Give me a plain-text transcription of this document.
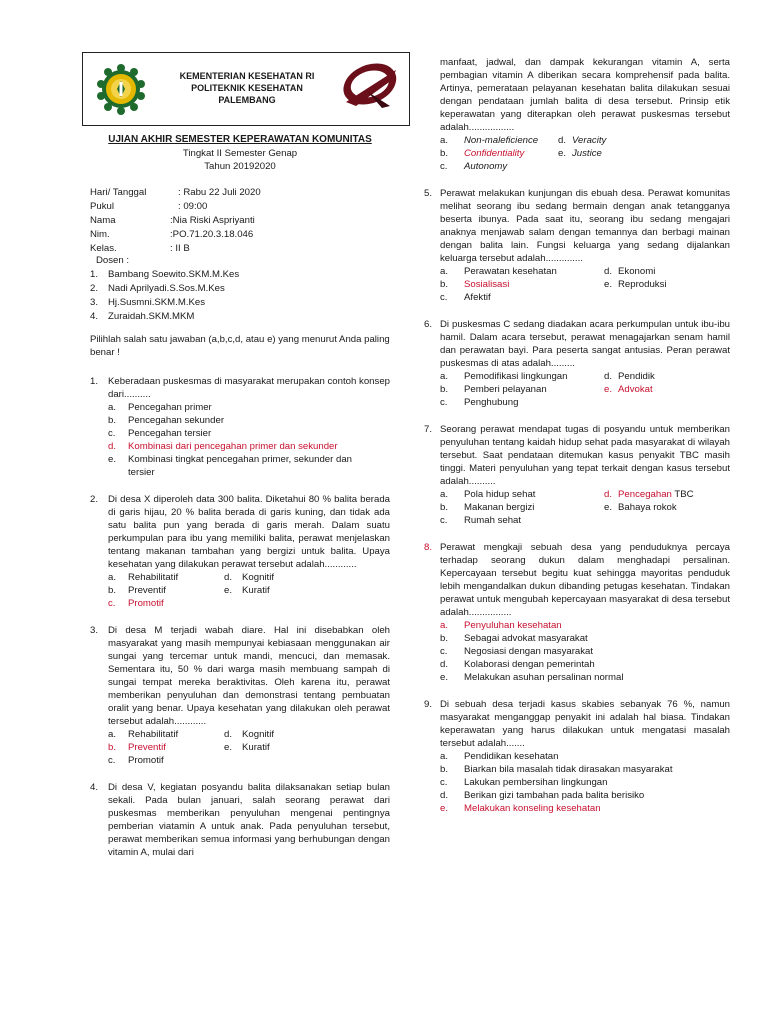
KEMENTERIAN KESEHATAN RI
POLITEKNIK KESEHATAN
PALEMBANG
UJIAN AKHIR SEMESTER KEPERAWATAN KOMUNITAS
Tingkat II Semester Genap
Tahun 20192020
Hari/ Tanggal	: Rabu 22 Juli 2020
Pukul	: 09:00
Nama	:Nia Riski Aspriyanti
Nim.	:PO.71.20.3.18.046
Kelas.	: II B
Dosen :
1. Bambang Soewito.SKM.M.Kes
2. Nadi Aprilyadi.S.Sos.M.Kes
3. Hj.Susmni.SKM.M.Kes
4. Zuraidah.SKM.MKM
Pilihlah salah satu jawaban (a,b,c,d, atau e) yang menurut Anda paling benar !
1. Keberadaan puskesmas di masyarakat merupakan contoh konsep dari..........
a. Pencegahan primer
b. Pencegahan sekunder
c. Pencegahan tersier
d. Kombinasi dari pencegahan primer dan sekunder
e. Kombinasi tingkat pencegahan primer, sekunder dan
tersier
2. Di desa X diperoleh data 300 balita. Diketahui 80 % balita berada di garis hijau, 20 % balita berada di garis kuning, dan tidak ada satu balita pun yang berada di garis merah. Dalam suatu perkumpulan para ibu yang memiliki balita, perawat menjelaskan tentang makanan tambahan yang bergizi untuk balita. Upaya kesehatan yang dilakukan perawat tersebut adalah............
a. Rehabilitatif	d. Kognitif
b. Preventif	e. Kuratif
c. Promotif
3. Di desa M terjadi wabah diare. Hal ini disebabkan oleh masyarakat yang masih mempunyai kebiasaan menggunakan air sungai yang tercemar untuk mandi, mencuci, dan memasak. Sementara itu, 50 % dari warga masih membuang sampah di sungai tempat mereka beraktivitas. Oleh karena itu, perawat memberikan penyuluhan dan demonstrasi tentang pembuatan oralit yang benar. Upaya kesehatan yang dilakukan oleh perawat tersebut adalah............
a. Rehabilitatif	d. Kognitif
b. Preventif	e. Kuratif
c. Promotif
4. Di desa V, kegiatan posyandu balita dilaksanakan setiap bulan sekali. Pada bulan januari, salah seorang perawat dari puskesmas memberikan penyuluhan mengenai pentingnya pemberian viatamin A untuk anak. Pada penyuluhan tersebut, perawat memberikan semua informasi yang berhubungan dengan vitamin A, mulai dari
manfaat, jadwal, dan dampak kekurangan vitamin A, serta pembagian vitamin A diberikan secara komprehensif pada balita. Artinya, pemerataan pelayanan kesehatan balita dilakukan sesuai dengan pendataan jumlah balita di desa tersebut. Prinsip etik keperawatan yang diterapkan oleh perawat puskesmas tersebut adalah.................
a. Non-maleficience d. Veracity
b. Confidentiality	e. Justice
c. Autonomy
5. Perawat melakukan kunjungan dis ebuah desa. Perawat komunitas melihat seorang ibu sedang bermain dengan anak tetangganya beserta ibunya. Pada saat itu, seorang ibu sedang mengajari anaknya menjawab salam dengan temannya dan berbagi mainan dengan balita lain. Fungsi keluarga yang sedang dijalankan keluarga tersebut adalah..............
a. Perawatan kesehatan	d. Ekonomi
b. Sosialisasi	e. Reproduksi
c. Afektif
6. Di puskesmas C sedang diadakan acara perkumpulan untuk ibu-ibu hamil. Dalam acara tersebut, perawat menagajarkan senam hamil dan perawatan bayi. Para peserta sangat antusias. Peran perawat puskesmas di atas adalah.........
a. Pemodifikasi lingkungan	d. Pendidik
b. Pemberi pelayanan	e. Advokat
c. Penghubung
7. Seorang perawat mendapat tugas di posyandu untuk memberikan penyuluhan tentang kaidah hidup sehat pada masyarakat di wilayah tersebut. Saat pendataan ditemukan kasus penyakit TBC masih tinggi. Materi penyuluhan yang tepat terkait dengan kasus tersebut adalah..........
a. Pola hidup sehat	d. Pencegahan TBC
b. Makanan bergizi	e. Bahaya rokok
c. Rumah sehat
8. Perawat mengkaji sebuah desa yang penduduknya percaya terhadap seorang dukun dalam menghadapi persalinan. Kepercayaan tersebut begitu kuat sehingga mayoritas penduduk lebih mengandalkan dukun dibanding petugas kesehatan. Tindakan perawat untuk mengubah kepercayaan masyarakat di desa tersebut adalah................
a. Penyuluhan kesehatan
b. Sebagai advokat masyarakat
c. Negosiasi dengan masyarakat
d. Kolaborasi dengan pemerintah
e. Melakukan asuhan persalinan normal
9. Di sebuah desa terjadi kasus skabies sebanyak 76 %, namun masyarakat menganggap penyakit ini adalah hal biasa. Tindakan keperawatan yang harus dilakukan untuk mengatasi masalah tersebut adalah.......
a. Pendidikan kesehatan
b. Biarkan bila masalah tidak dirasakan masyarakat
c. Lakukan pembersihan lingkungan
d. Berikan gizi tambahan pada balita berisiko
e. Melakukan konseling kesehatan
